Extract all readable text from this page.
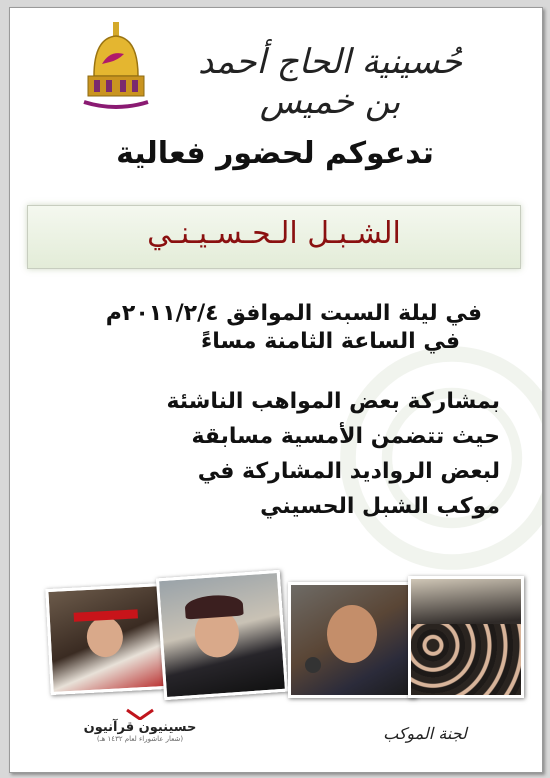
حُسينية الحاج أحمد بن خميس
تدعوكم لحضور فعالية
الشـبـل الـحـسـيـنـي
في ليلة السبت الموافق ٢٠١١/٢/٤م
في الساعة الثامنة مساءً
بمشاركة بعض المواهب الناشئة
حيث تتضمن الأمسية مسابقة
لبعض الرواديد المشاركة في
موكب الشبل الحسيني
حسينيون قرآنيون
(شعار عاشوراء لعام ١٤٣٢ هـ)	لجنة الموكب
